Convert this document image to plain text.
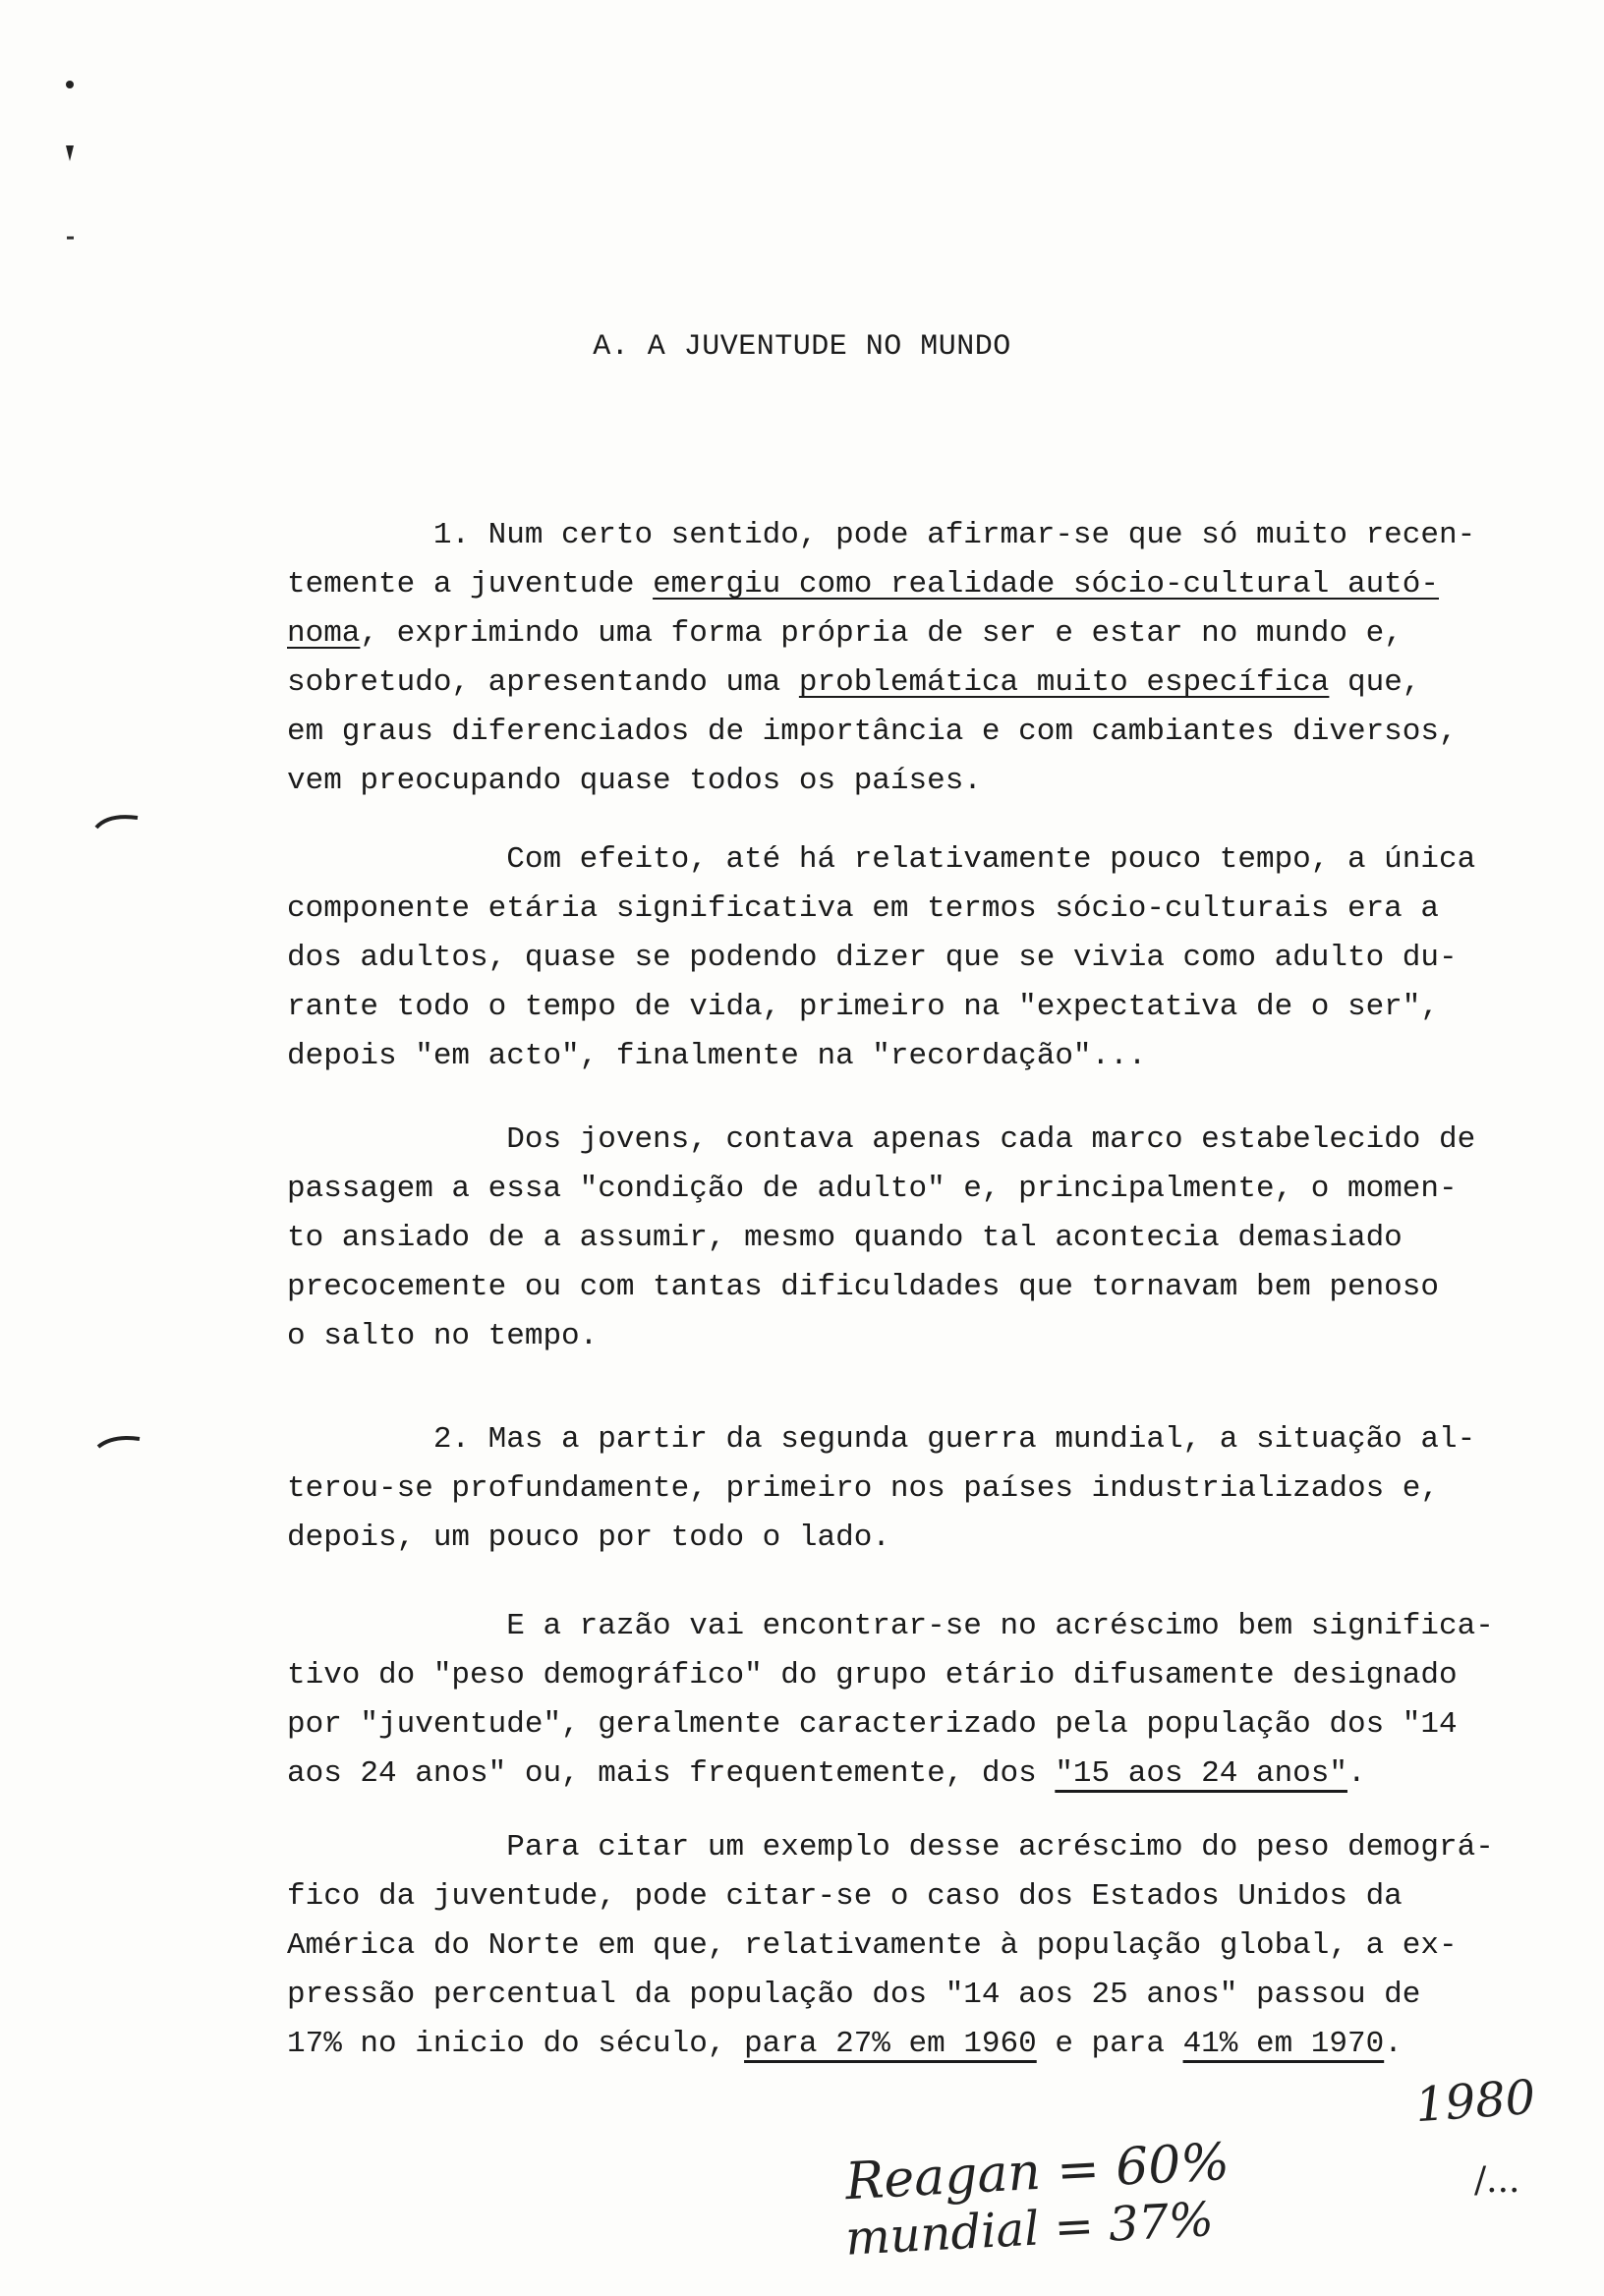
A. A JUVENTUDE NO MUNDO
1. Num certo sentido, pode afirmar-se que só muito recen-
temente a juventude emergiu como realidade sócio-cultural autó-
noma, exprimindo uma forma própria de ser e estar no mundo e,
sobretudo, apresentando uma problemática muito específica que,
em graus diferenciados de importância e com cambiantes diversos,
vem preocupando quase todos os países.
Com efeito, até há relativamente pouco tempo, a única
componente etária significativa em termos sócio-culturais era a
dos adultos, quase se podendo dizer que se vivia como adulto du-
rante todo o tempo de vida, primeiro na "expectativa de o ser",
depois "em acto", finalmente na "recordação"...
Dos jovens, contava apenas cada marco estabelecido de
passagem a essa "condição de adulto" e, principalmente, o momen-
to ansiado de a assumir, mesmo quando tal acontecia demasiado
precocemente ou com tantas dificuldades que tornavam bem penoso
o salto no tempo.
2. Mas a partir da segunda guerra mundial, a situação al-
terou-se profundamente, primeiro nos países industrializados e,
depois, um pouco por todo o lado.
E a razão vai encontrar-se no acréscimo bem significa-
tivo do "peso demográfico" do grupo etário difusamente designado
por "juventude", geralmente caracterizado pela população dos "14
aos 24 anos" ou, mais frequentemente, dos "15 aos 24 anos".
Para citar um exemplo desse acréscimo do peso demográ-
fico da juventude, pode citar-se o caso dos Estados Unidos da
América do Norte em que, relativamente à população global, a ex-
pressão percentual da população dos "14 aos 25 anos" passou de
17% no inicio do século, para 27% em 1960 e para 41% em 1970.
1980
Reagan = 60%
mundial = 37%
/...
